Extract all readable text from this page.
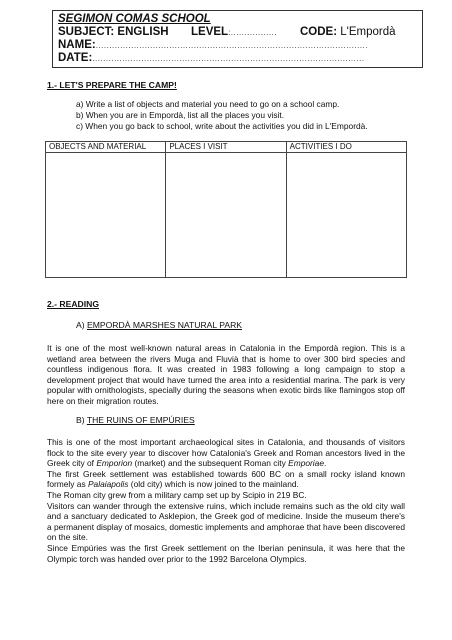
SEGIMON COMAS SCHOOL
SUBJECT: ENGLISH LEVEL:................. CODE: L'Empordà
NAME:....................................................................................................
DATE:....................................................................................................
1.- LET'S PREPARE THE CAMP!
a) Write a list of objects and material you need to go on a school camp.
b) When you are in Empordà, list all the places you visit.
c) When you go back to school, write about the activities you did in L'Empordà.
OBJECTS AND MATERIAL	PLACES I VISIT	ACTIVITIES I DO

2.- READING
A) EMPORDÀ MARSHES NATURAL PARK

It is one of the most well-known natural areas in Catalonia in the Empordà region. This is a wetland area between the rivers Muga and Fluvià that is home to over 300 bird species and countless indigenous flora. It was created in 1983 following a long campaign to stop a development project that would have turned the area into a residential marina. The park is very popular with ornithologists, specially during the seasons when exotic birds like flamingos stop off here on their migration routes.

B) THE RUINS OF EMPÚRIES

This is one of the most important archaeological sites in Catalonia, and thousands of visitors flock to the site every year to discover how Catalonia's Greek and Roman ancestors lived in the Greek city of Emporion (market) and the subsequent Roman city Emporiae.

The first Greek settlement was established towards 600 BC on a small rocky island known formely as Palaiapolis (old city) which is now joined to the mainland.

The Roman city grew from a military camp set up by Scipio in 219 BC.

Visitors can wander through the extensive ruins, which include remains such as the old city wall and a sanctuary dedicated to Asklepion, the Greek god of medicine. Inside the museum there's a permanent display of mosaics, domestic implements and amphorae that have been discovered on the site.

Since Empúries was the first Greek settlement on the Iberian peninsula, it was here that the Olympic torch was handed over prior to the 1992 Barcelona Olympics.
